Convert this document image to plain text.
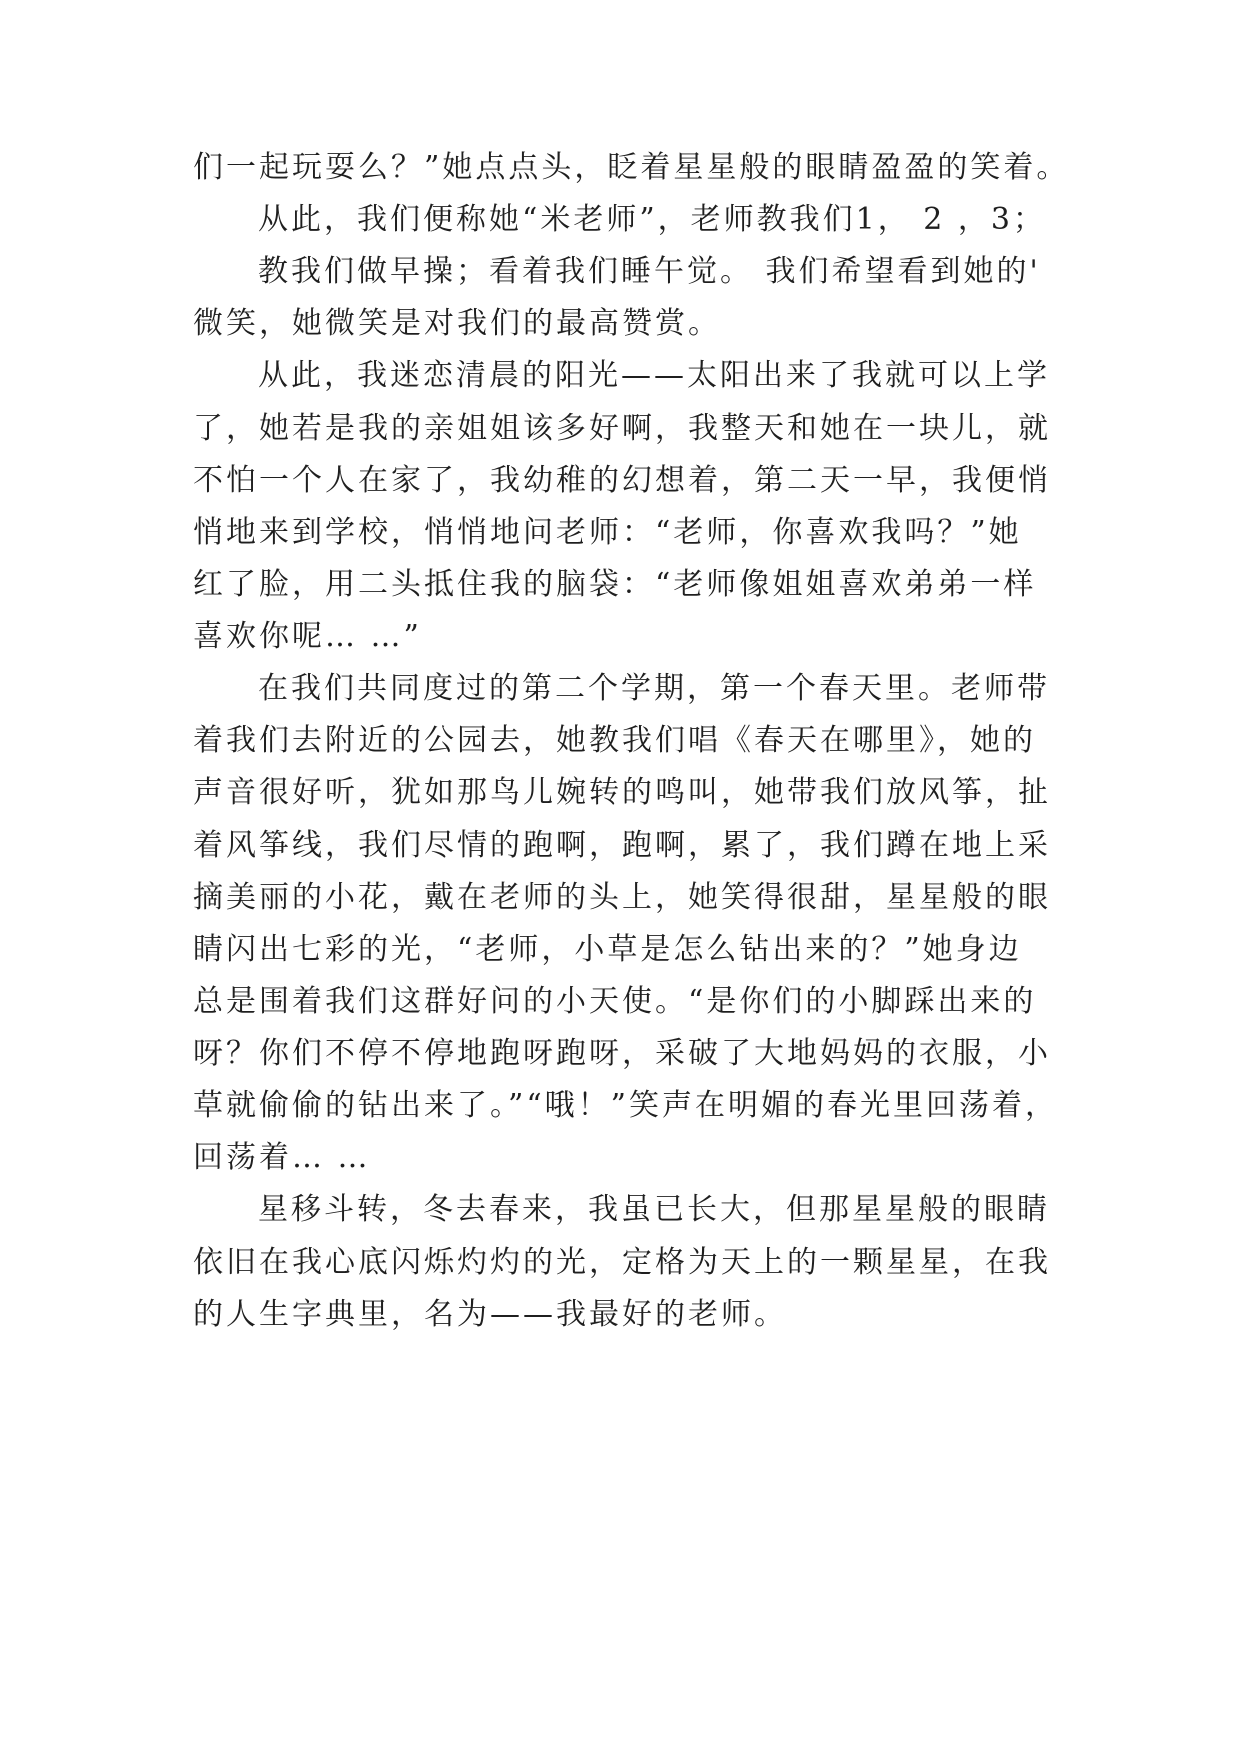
们一起玩耍么？”她点点头，眨着星星般的眼睛盈盈的笑着。
从此，我们便称她“米老师”，老师教我们1， 2 ，3；
教我们做早操；看着我们睡午觉。 我们希望看到她的'
微笑，她微笑是对我们的最高赞赏。
从此，我迷恋清晨的阳光——太阳出来了我就可以上学
了，她若是我的亲姐姐该多好啊，我整天和她在一块儿，就
不怕一个人在家了，我幼稚的幻想着，第二天一早，我便悄
悄地来到学校，悄悄地问老师：“老师，你喜欢我吗？”她
红了脸，用二头抵住我的脑袋：“老师像姐姐喜欢弟弟一样
喜欢你呢… …”
在我们共同度过的第二个学期，第一个春天里。老师带
着我们去附近的公园去，她教我们唱《春天在哪里》，她的
声音很好听，犹如那鸟儿婉转的鸣叫，她带我们放风筝，扯
着风筝线，我们尽情的跑啊，跑啊，累了，我们蹲在地上采
摘美丽的小花，戴在老师的头上，她笑得很甜，星星般的眼
睛闪出七彩的光，“老师，小草是怎么钻出来的？”她身边
总是围着我们这群好问的小天使。“是你们的小脚踩出来的
呀？你们不停不停地跑呀跑呀，采破了大地妈妈的衣服，小
草就偷偷的钻出来了。”“哦！”笑声在明媚的春光里回荡着，
回荡着… …
星移斗转，冬去春来，我虽已长大，但那星星般的眼睛
依旧在我心底闪烁灼灼的光，定格为天上的一颗星星，在我
的人生字典里，名为——我最好的老师。
